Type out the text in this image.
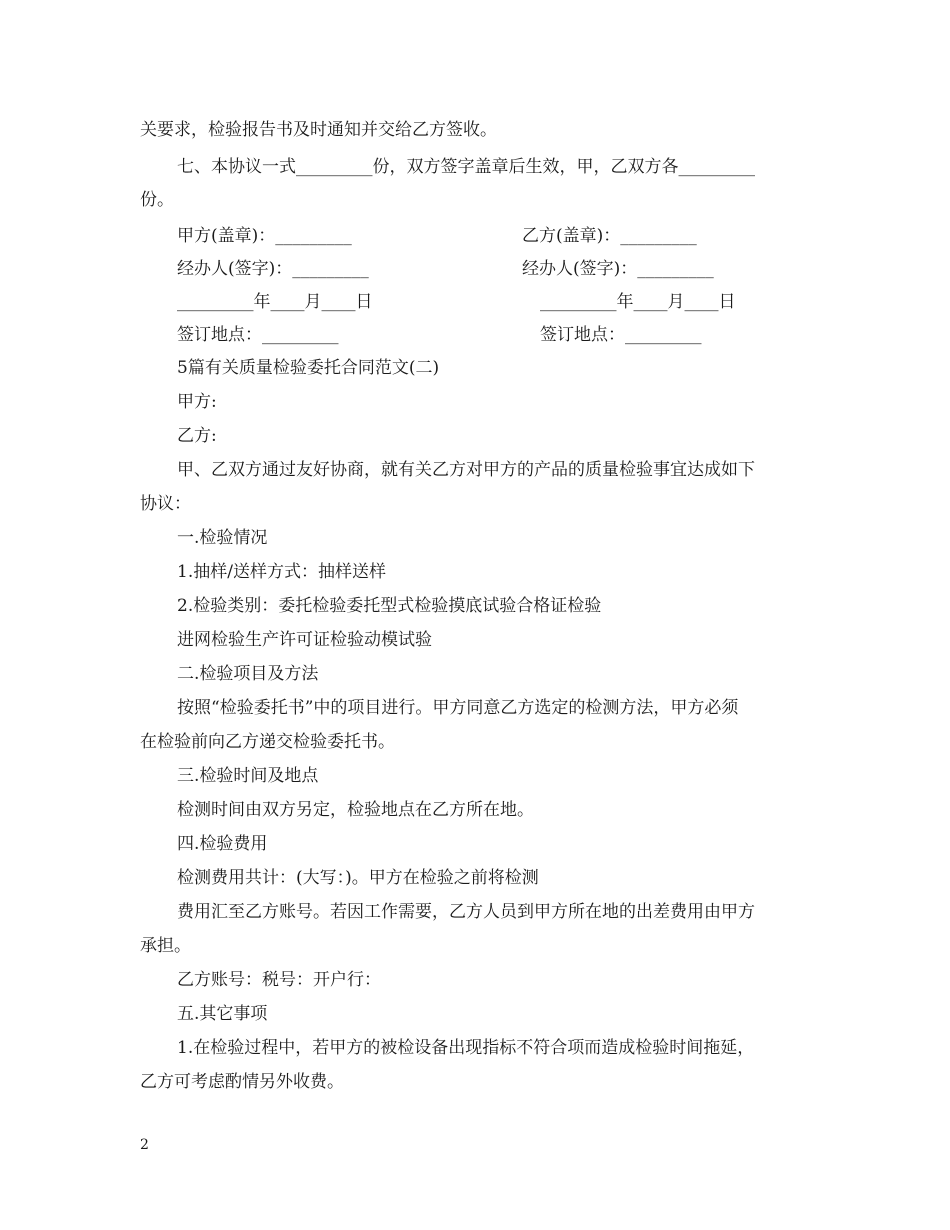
关要求，检验报告书及时通知并交给乙方签收。
七、本协议一式_________份，双方签字盖章后生效，甲，乙双方各_________
份。
甲方(盖章)：_________	乙方(盖章)：_________
经办人(签字)：_________	经办人(签字)：_________
_________年____月____日	_________年____月____日
签订地点：_________	签订地点：_________
5篇有关质量检验委托合同范文(二)
甲方:
乙方:
甲、乙双方通过友好协商，就有关乙方对甲方的产品的质量检验事宜达成如下
协议：
一.检验情况
1.抽样/送样方式：抽样送样
2.检验类别：委托检验委托型式检验摸底试验合格证检验
进网检验生产许可证检验动模试验
二.检验项目及方法
按照“检验委托书”中的项目进行。甲方同意乙方选定的检测方法，甲方必须
在检验前向乙方递交检验委托书。
三.检验时间及地点
检测时间由双方另定，检验地点在乙方所在地。
四.检验费用
检测费用共计：(大写：)。甲方在检验之前将检测
费用汇至乙方账号。若因工作需要，乙方人员到甲方所在地的出差费用由甲方
承担。
乙方账号：税号：开户行：
五.其它事项
1.在检验过程中，若甲方的被检设备出现指标不符合项而造成检验时间拖延，
乙方可考虑酌情另外收费。
2
